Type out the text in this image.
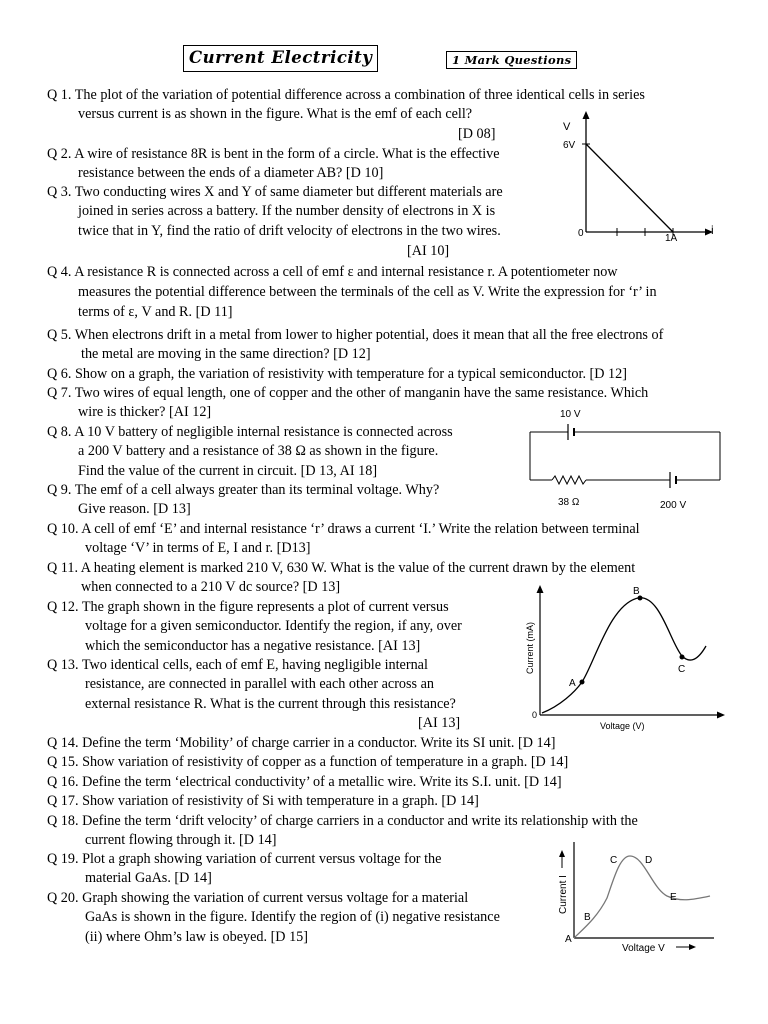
Current Electricity	1 Mark Questions
Q 1. The plot of the variation of potential difference across a combination of three identical cells in series
versus current is as shown in the figure. What is the emf of each cell?
[D 08]
Q 2. A wire of resistance 8R is bent in the form of a circle. What is the effective
resistance between the ends of a diameter AB? [D 10]
Q 3. Two conducting wires X and Y of same diameter but different materials are
joined in series across a battery. If the number density of electrons in X is
twice that in Y, find the ratio of drift velocity of electrons in the two wires.
[AI 10]
Q 4. A resistance R is connected across a cell of emf ε and internal resistance r. A potentiometer now
measures the potential difference between the terminals of the cell as V. Write the expression for ‘r’ in
terms of ε, V and R. [D 11]
Q 5. When electrons drift in a metal from lower to higher potential, does it mean that all the free electrons of
the metal are moving in the same direction? [D 12]
Q 6. Show on a graph, the variation of resistivity with temperature for a typical semiconductor. [D 12]
Q 7. Two wires of equal length, one of copper and the other of manganin have the same resistance. Which
wire is thicker? [AI 12]
Q 8. A 10 V battery of negligible internal resistance is connected across
a 200 V battery and a resistance of 38 Ω as shown in the figure.
Find the value of the current in circuit. [D 13, AI 18]
Q 9. The emf of a cell always greater than its terminal voltage. Why?
Give reason. [D 13]
Q 10. A cell of emf ‘E’ and internal resistance ‘r’ draws a current ‘I.’ Write the relation between terminal
voltage ‘V’ in terms of E, I and r. [D13]
Q 11. A heating element is marked 210 V, 630 W. What is the value of the current drawn by the element
when connected to a 210 V dc source? [D 13]
Q 12. The graph shown in the figure represents a plot of current versus
voltage for a given semiconductor. Identify the region, if any, over
which the semiconductor has a negative resistance. [AI 13]
Q 13. Two identical cells, each of emf E, having negligible internal
resistance, are connected in parallel with each other across an
external resistance R. What is the current through this resistance?
[AI 13]
Q 14. Define the term ‘Mobility’ of charge carrier in a conductor. Write its SI unit. [D 14]
Q 15. Show variation of resistivity of copper as a function of temperature in a graph. [D 14]
Q 16. Define the term ‘electrical conductivity’ of a metallic wire. Write its S.I. unit. [D 14]
Q 17. Show variation of resistivity of Si with temperature in a graph. [D 14]
Q 18. Define the term ‘drift velocity’ of charge carriers in a conductor and write its relationship with the
current flowing through it. [D 14]
Q 19. Plot a graph showing variation of current versus voltage for the
material GaAs. [D 14]
Q 20. Graph showing the variation of current versus voltage for a material
GaAs is shown in the figure. Identify the region of (i) negative resistance
(ii) where Ohm’s law is obeyed. [D 15]
V
6V
0	1A
i
10 V
38 Ω	200 V
A
B
C
0
Current (mA)
Voltage (V)
A
B
C	D
E
Current I
Voltage V
